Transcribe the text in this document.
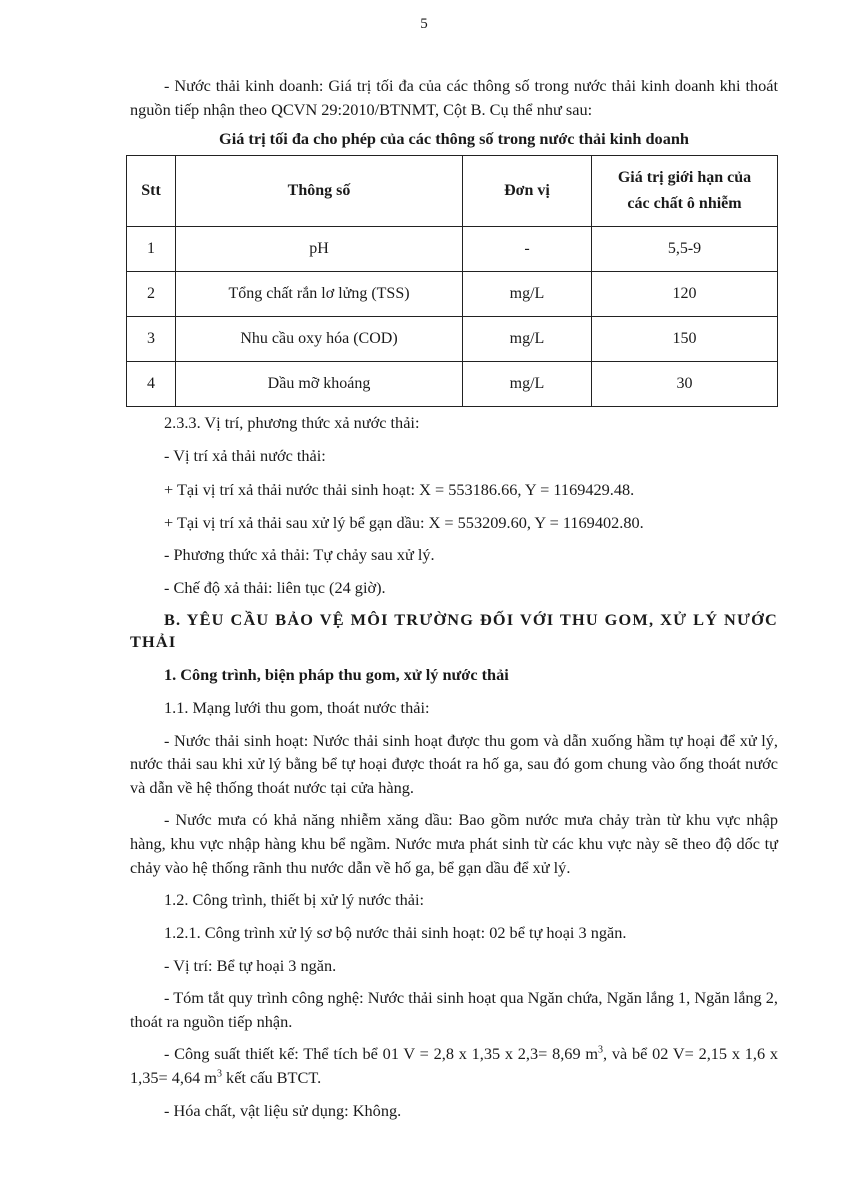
5

- Nước thải kinh doanh: Giá trị tối đa của các thông số trong nước thải kinh doanh khi thoát nguồn tiếp nhận theo QCVN 29:2010/BTNMT, Cột B. Cụ thể như sau:

Giá trị tối đa cho phép của các thông số trong nước thải kinh doanh

Stt	Thông số	Đơn vị	Giá trị giới hạn của
các chất ô nhiễm
1	pH	-	5,5-9
2	Tổng chất rắn lơ lửng (TSS)	mg/L	120
3	Nhu cầu oxy hóa (COD)	mg/L	150
4	Dầu mỡ khoáng	mg/L	30

2.3.3. Vị trí, phương thức xả nước thải:

- Vị trí xả thải nước thải:

+ Tại vị trí xả thải nước thải sinh hoạt: X = 553186.66, Y = 1169429.48.

+ Tại vị trí xả thải sau xử lý bể gạn dầu: X = 553209.60, Y = 1169402.80.

- Phương thức xả thải: Tự chảy sau xử lý.

- Chế độ xả thải: liên tục (24 giờ).

B. YÊU CẦU BẢO VỆ MÔI TRƯỜNG ĐỐI VỚI THU GOM, XỬ LÝ NƯỚC THẢI

1. Công trình, biện pháp thu gom, xử lý nước thải

1.1. Mạng lưới thu gom, thoát nước thải:

- Nước thải sinh hoạt: Nước thải sinh hoạt được thu gom và dẫn xuống hầm tự hoại để xử lý, nước thải sau khi xử lý bằng bể tự hoại được thoát ra hố ga, sau đó gom chung vào ống thoát nước và dẫn về hệ thống thoát nước tại cửa hàng.

- Nước mưa có khả năng nhiễm xăng dầu: Bao gồm nước mưa chảy tràn từ khu vực nhập hàng, khu vực nhập hàng khu bể ngầm. Nước mưa phát sinh từ các khu vực này sẽ theo độ dốc tự chảy vào hệ thống rãnh thu nước dẫn về hố ga, bể gạn dầu để xử lý.

1.2. Công trình, thiết bị xử lý nước thải:

1.2.1. Công trình xử lý sơ bộ nước thải sinh hoạt: 02 bể tự hoại 3 ngăn.

- Vị trí: Bể tự hoại 3 ngăn.

- Tóm tắt quy trình công nghệ: Nước thải sinh hoạt qua Ngăn chứa, Ngăn lắng 1, Ngăn lắng 2, thoát ra nguồn tiếp nhận.

- Công suất thiết kế: Thể tích bể 01 V = 2,8 x 1,35 x 2,3= 8,69 $m^3$, và bể 02 V= 2,15 x 1,6 x 1,35= 4,64 $m^3$ kết cấu BTCT.

- Hóa chất, vật liệu sử dụng: Không.
